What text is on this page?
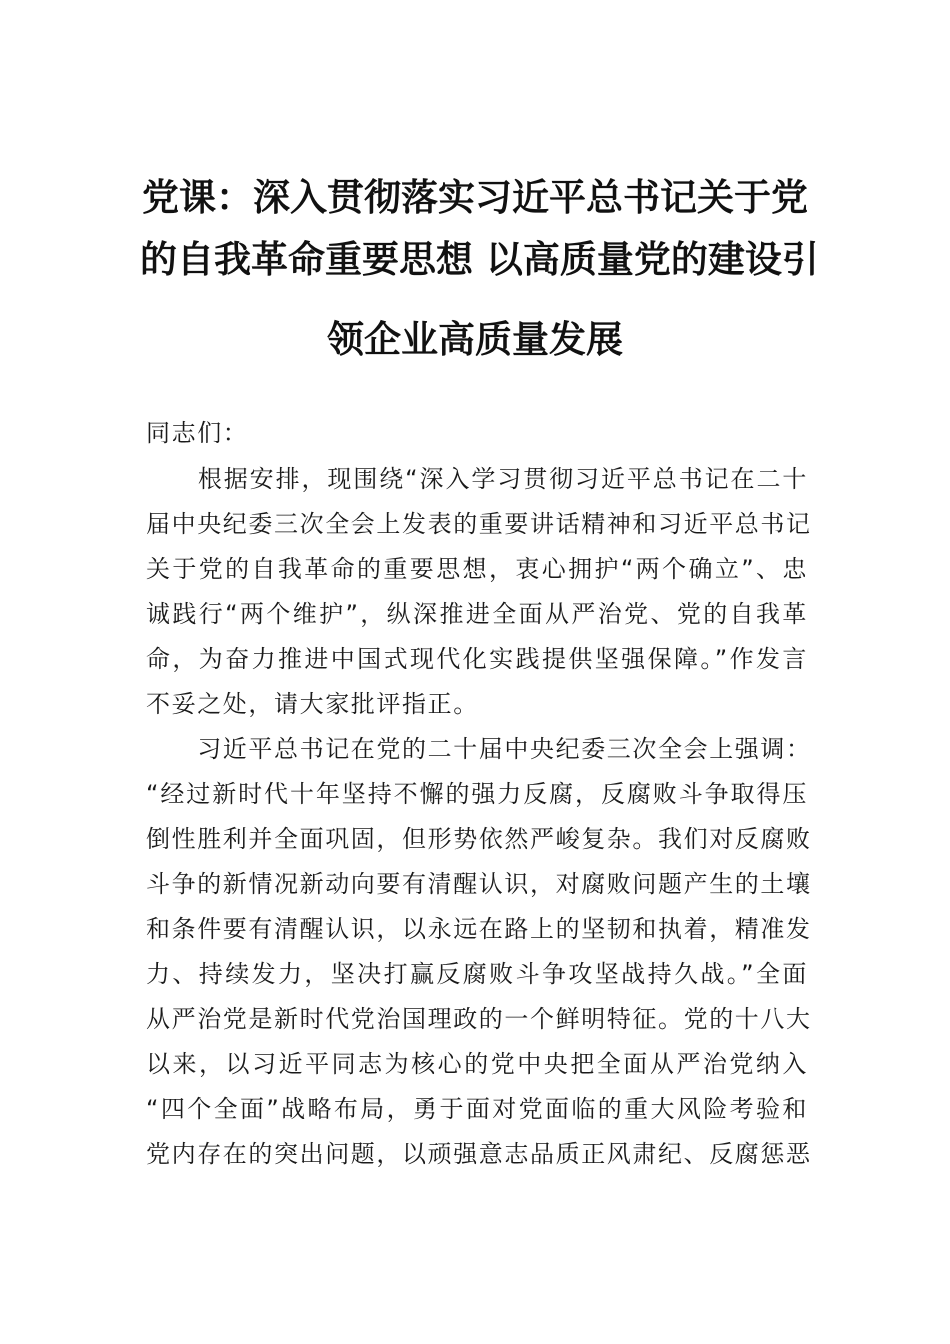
党课：深入贯彻落实习近平总书记关于党
的自我革命重要思想 以高质量党的建设引
领企业高质量发展
同志们：
　　根据安排，现围绕“深入学习贯彻习近平总书记在二十
届中央纪委三次全会上发表的重要讲话精神和习近平总书记
关于党的自我革命的重要思想，衷心拥护“两个确立”、忠
诚践行“两个维护”，纵深推进全面从严治党、党的自我革
命，为奋力推进中国式现代化实践提供坚强保障。”作发言
不妥之处，请大家批评指正。
　　习近平总书记在党的二十届中央纪委三次全会上强调：
“经过新时代十年坚持不懈的强力反腐，反腐败斗争取得压
倒性胜利并全面巩固，但形势依然严峻复杂。我们对反腐败
斗争的新情况新动向要有清醒认识，对腐败问题产生的土壤
和条件要有清醒认识，以永远在路上的坚韧和执着，精准发
力、持续发力，坚决打赢反腐败斗争攻坚战持久战。”全面
从严治党是新时代党治国理政的一个鲜明特征。党的十八大
以来，以习近平同志为核心的党中央把全面从严治党纳入
“四个全面”战略布局，勇于面对党面临的重大风险考验和
党内存在的突出问题，以顽强意志品质正风肃纪、反腐惩恶
